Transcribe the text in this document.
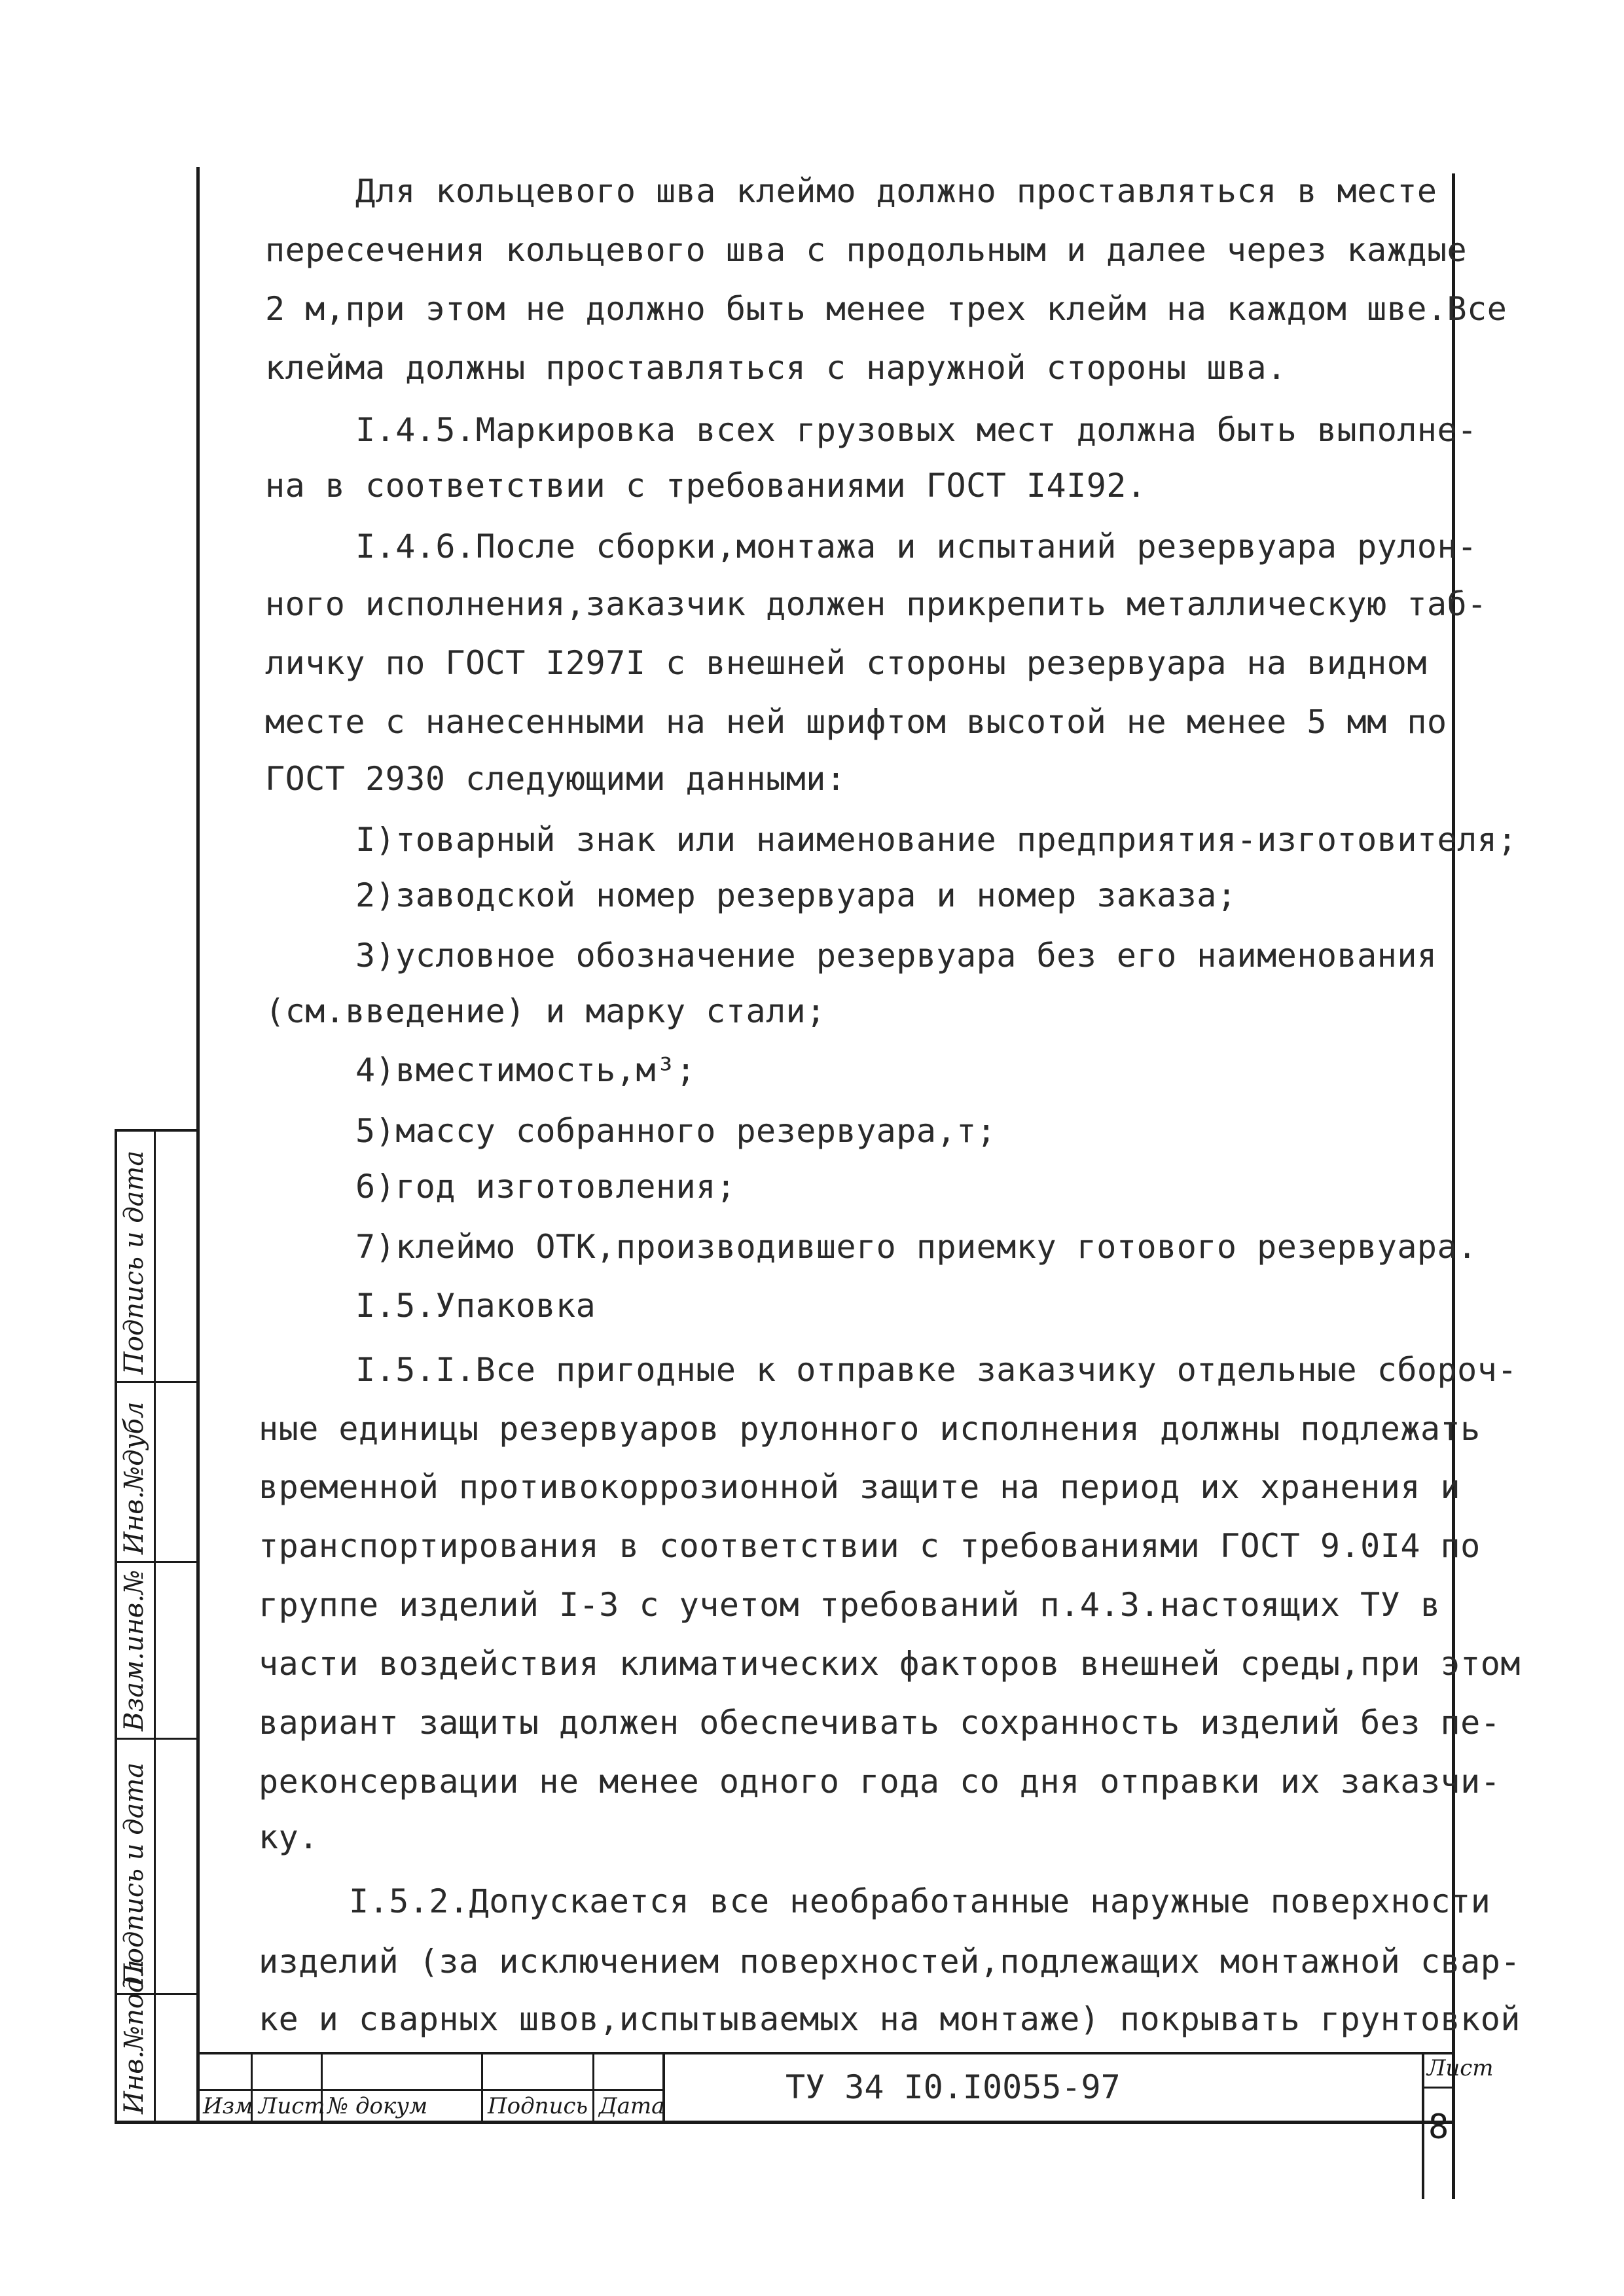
Инв.№подл
Подпись и дата
Взам.инв.№
Инв.№дубл
Подпись и дата
Для кольцевого шва клеймо должно проставляться в месте
пересечения кольцевого шва с продольным и далее через каждые
2 м,при этом не должно быть менее трех клейм на каждом шве.Все
клейма должны проставляться с наружной стороны шва.
I.4.5.Маркировка всех грузовых мест должна быть выполне-
на в соответствии с требованиями ГОСТ I4I92.
I.4.6.После сборки,монтажа и испытаний резервуара рулон-
ного исполнения,заказчик должен прикрепить металлическую таб-
личку по ГОСТ I297I с внешней стороны резервуара на видном
месте с нанесенными на ней шрифтом высотой не менее 5 мм по
ГОСТ 2930 следующими данными:
I)товарный знак или наименование предприятия-изготовителя;
2)заводской номер резервуара и номер заказа;
3)условное обозначение резервуара без его наименования
(см.введение) и марку стали;
4)вместимость,м³;
5)массу собранного резервуара,т;
6)год изготовления;
7)клеймо ОТК,производившего приемку готового резервуара.
I.5.Упаковка
I.5.I.Все пригодные к отправке заказчику отдельные сбороч-
ные единицы резервуаров рулонного исполнения должны подлежать
временной противокоррозионной защите на период их хранения и
транспортирования в соответствии с требованиями ГОСТ 9.0I4 по
группе изделий I-3 с учетом требований п.4.3.настоящих ТУ в
части воздействия климатических факторов внешней среды,при этом
вариант защиты должен обеспечивать сохранность изделий без пе-
реконсервации не менее одного года со дня отправки их заказчи-
ку.
I.5.2.Допускается все необработанные наружные поверхности
изделий (за исключением поверхностей,подлежащих монтажной свар-
ке и сварных швов,испытываемых на монтаже) покрывать грунтовкой
Изм Лист № докум	Подпись Дата	ТУ 34 I0.I0055-97	Лист
8
